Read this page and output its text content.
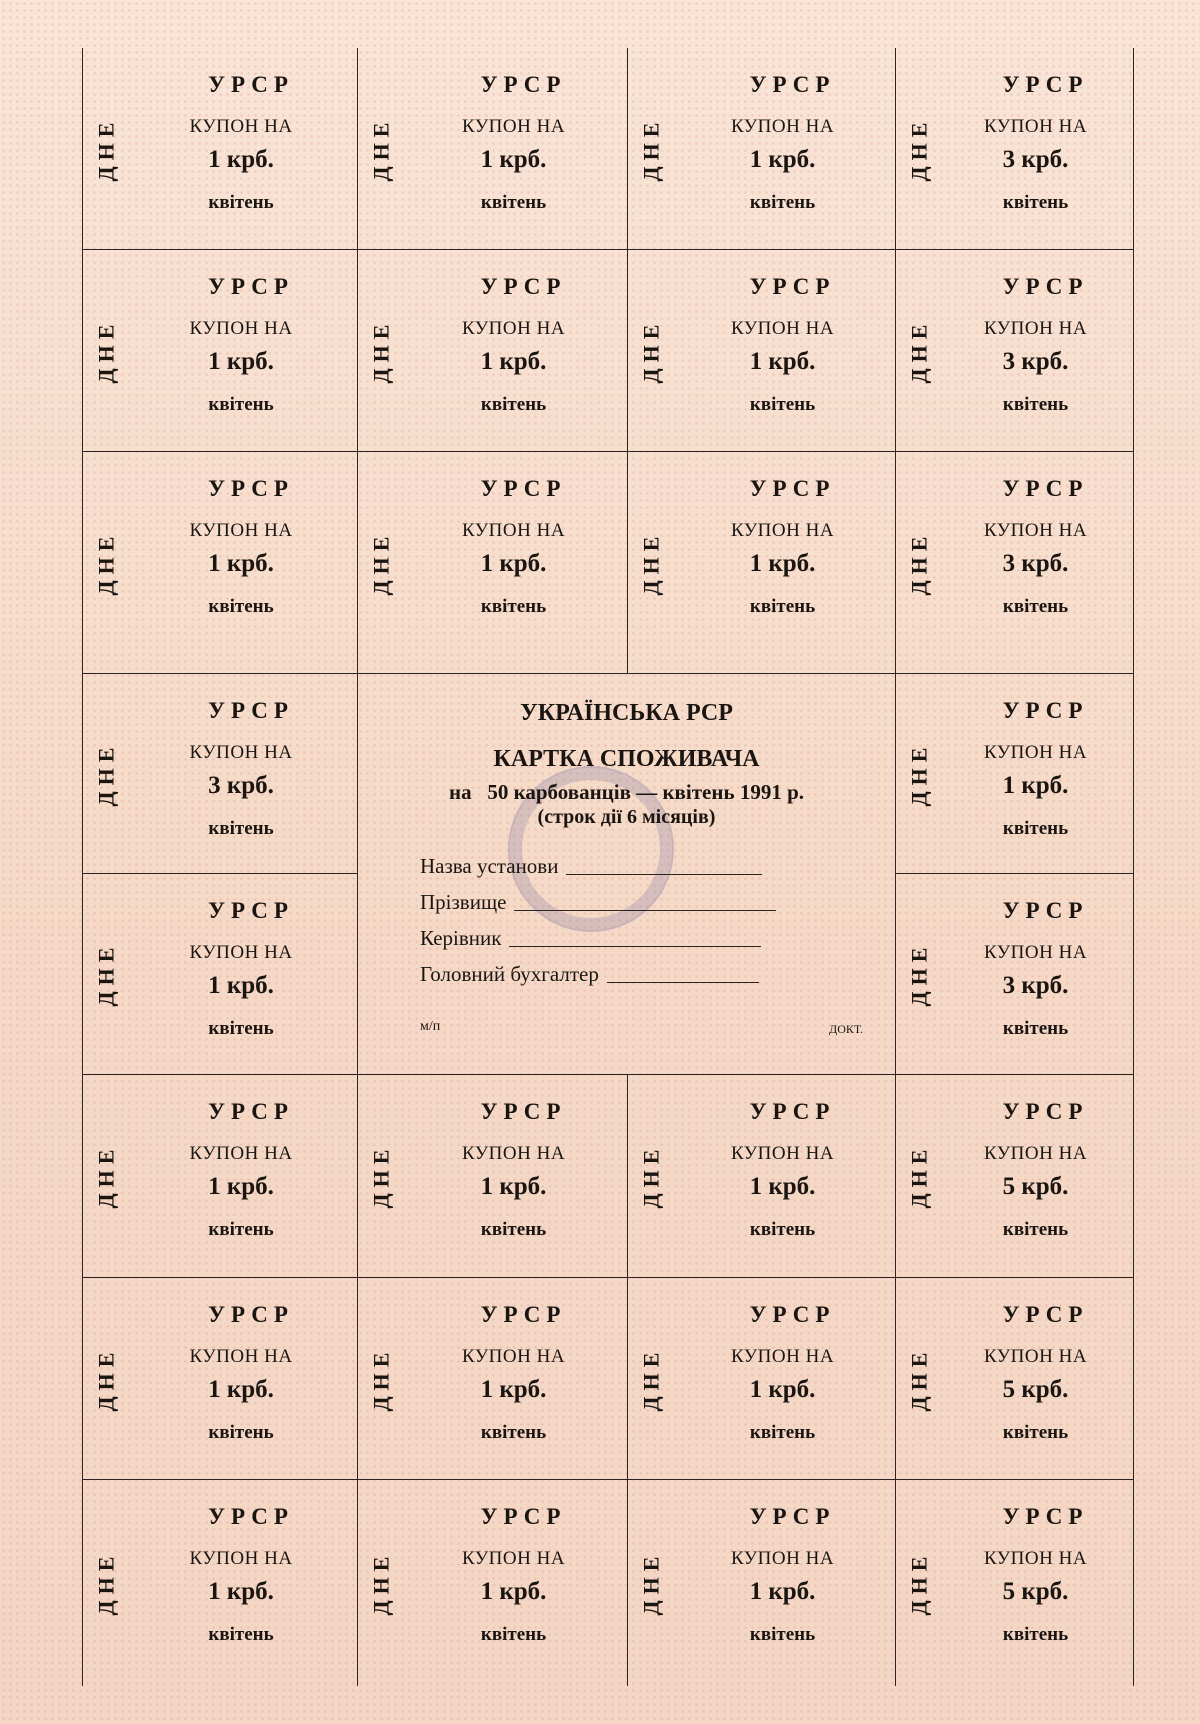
ДНЕ
УРСР
КУПОН НА
1 крб.
квітень
ДНЕ
УРСР
КУПОН НА
1 крб.
квітень
ДНЕ
УРСР
КУПОН НА
1 крб.
квітень
ДНЕ
УРСР
КУПОН НА
3 крб.
квітень
ДНЕ
УРСР
КУПОН НА
1 крб.
квітень
ДНЕ
УРСР
КУПОН НА
1 крб.
квітень
ДНЕ
УРСР
КУПОН НА
1 крб.
квітень
ДНЕ
УРСР
КУПОН НА
3 крб.
квітень
ДНЕ
УРСР
КУПОН НА
1 крб.
квітень
ДНЕ
УРСР
КУПОН НА
1 крб.
квітень
ДНЕ
УРСР
КУПОН НА
1 крб.
квітень
ДНЕ
УРСР
КУПОН НА
3 крб.
квітень
ДНЕ
УРСР
КУПОН НА
3 крб.
квітень
УКРАЇНСЬКА РСР
КАРТКА СПОЖИВАЧА
на   50 карбованців — квітень 1991 р.
(строк дії 6 місяців)
Назва установи
Прізвище
Керівник
Головний бухгалтер
м/п	ДОКТ.
ДНЕ
УРСР
КУПОН НА
1 крб.
квітень
ДНЕ
УРСР
КУПОН НА
1 крб.
квітень
ДНЕ
УРСР
КУПОН НА
3 крб.
квітень
ДНЕ
УРСР
КУПОН НА
1 крб.
квітень
ДНЕ
УРСР
КУПОН НА
1 крб.
квітень
ДНЕ
УРСР
КУПОН НА
1 крб.
квітень
ДНЕ
УРСР
КУПОН НА
5 крб.
квітень
ДНЕ
УРСР
КУПОН НА
1 крб.
квітень
ДНЕ
УРСР
КУПОН НА
1 крб.
квітень
ДНЕ
УРСР
КУПОН НА
1 крб.
квітень
ДНЕ
УРСР
КУПОН НА
5 крб.
квітень
ДНЕ
УРСР
КУПОН НА
1 крб.
квітень
ДНЕ
УРСР
КУПОН НА
1 крб.
квітень
ДНЕ
УРСР
КУПОН НА
1 крб.
квітень
ДНЕ
УРСР
КУПОН НА
5 крб.
квітень
